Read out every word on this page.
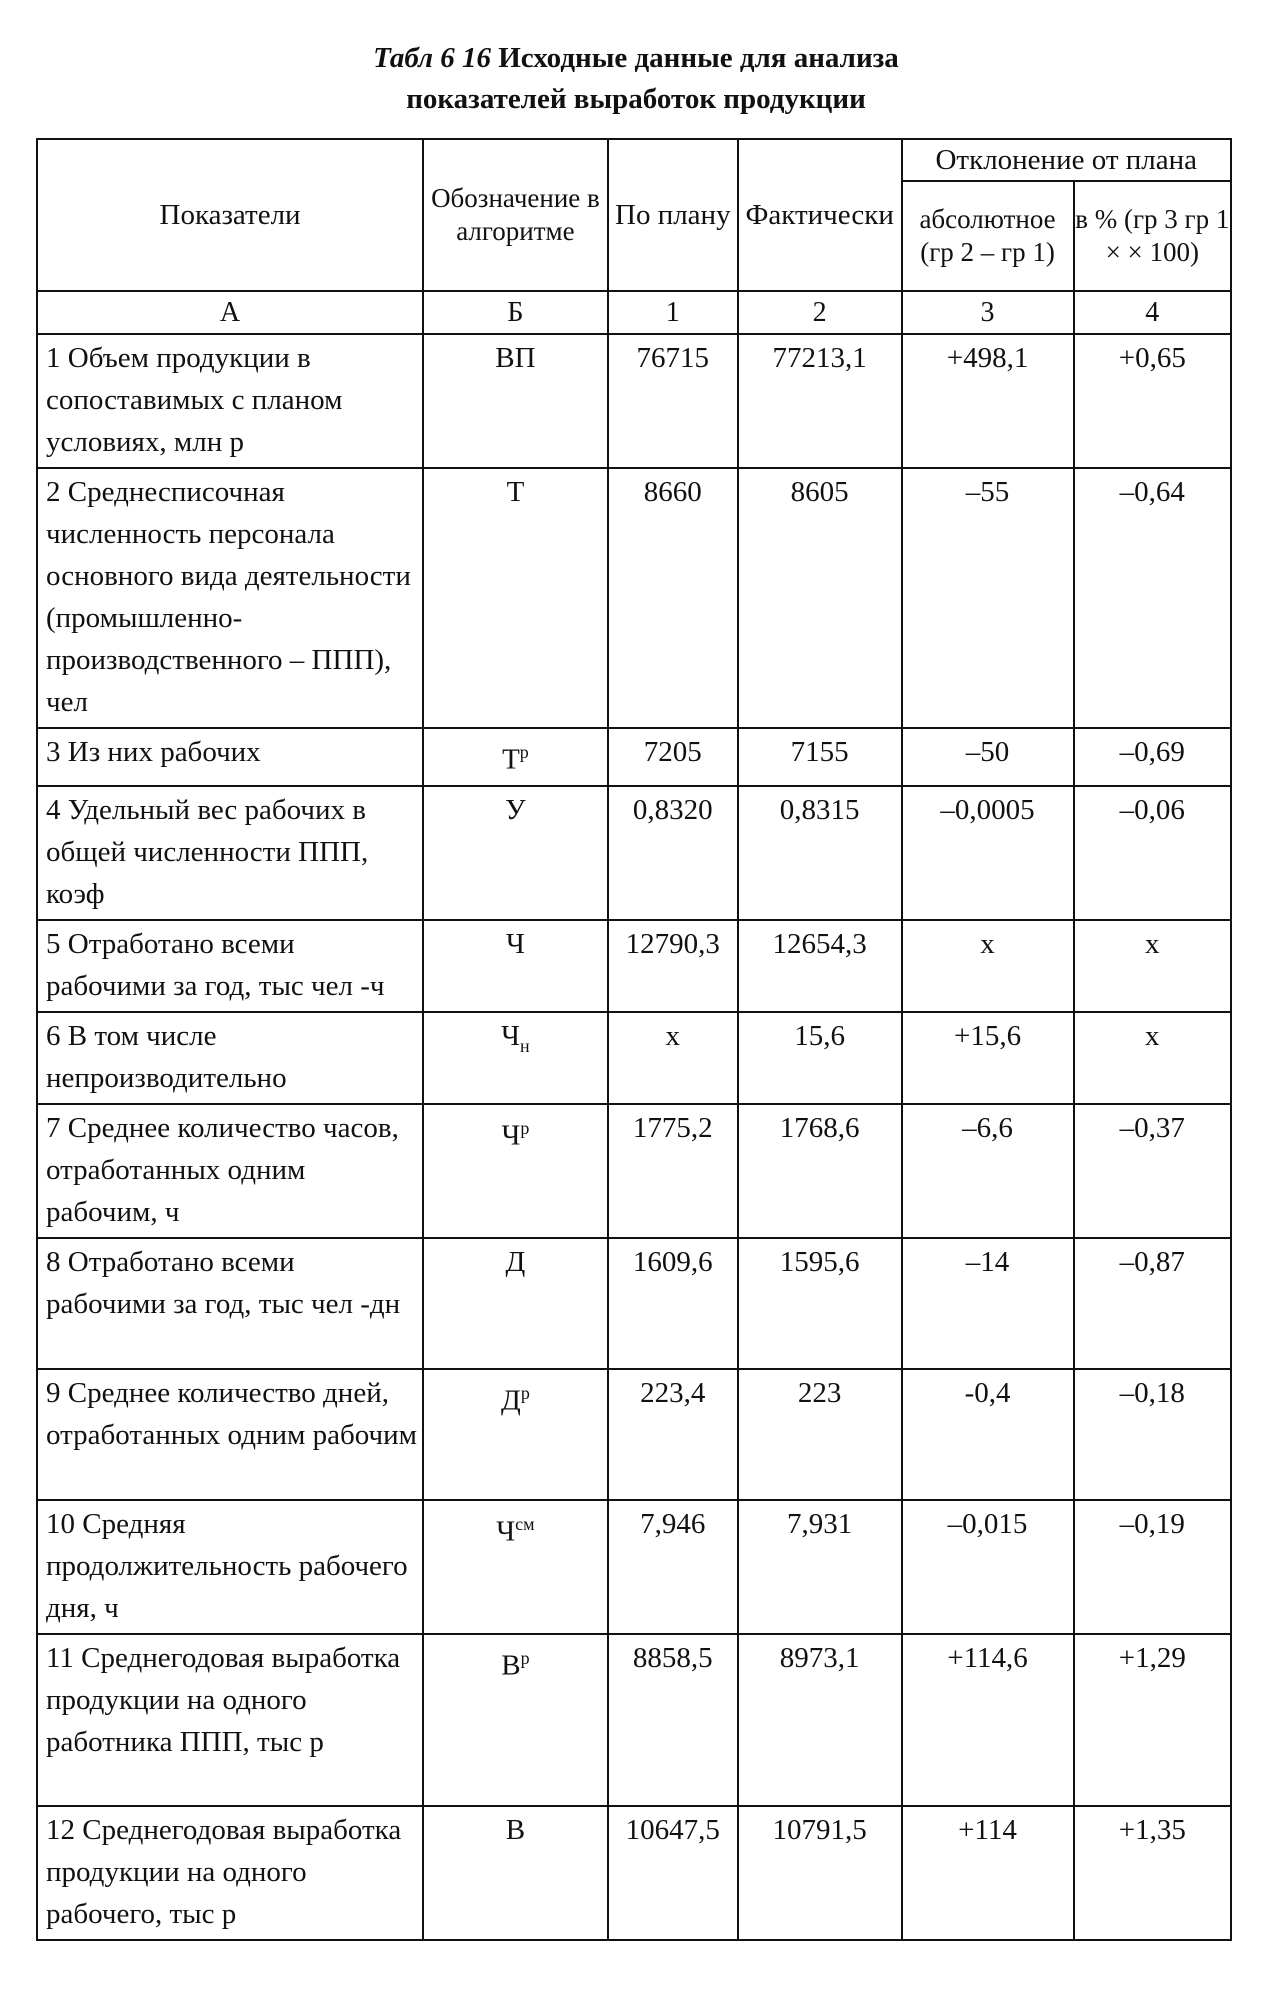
Табл 6 16 Исходные данные для анализа
показателей выработок продукции
Показатели	Обозначение в алгоритме	По плану	Фактически	Отклонение от плана	
				абсолютное (гр 2 – гр 1)	в % (гр 3 гр 1 × × 100)
А	Б	1	2	3	4
1 Объем продукции в сопоставимых с планом условиях, млн р	ВП	76715	77213,1	+498,1	+0,65
2 Среднесписочная численность персонала основного вида деятельности (промышленно-производственного – ППП), чел	Т	8660	8605	–55	–0,64
3 Из них рабочих	$Т^р$	7205	7155	–50	–0,69
4 Удельный вес рабочих в общей численности ППП, коэф	У	0,8320	0,8315	–0,0005	–0,06
5 Отработано всеми рабочими за год, тыс чел -ч	Ч	12790,3	12654,3	х	х
6 В том числе непроизводительно	$Ч_н$	х	15,6	+15,6	х
7 Среднее количество часов, отработанных одним рабочим, ч	$Ч^р$	1775,2	1768,6	–6,6	–0,37
8 Отработано всеми рабочими за год, тыс чел -дн	Д	1609,6	1595,6	–14	–0,87
9 Среднее количество дней, отработанных одним рабочим	$Д^р$	223,4	223	-0,4	–0,18
10 Средняя продолжительность рабочего дня, ч	$Ч^{см}$	7,946	7,931	–0,015	–0,19
11 Среднегодовая выработка продукции на одного работника ППП, тыс р	$В^р$	8858,5	8973,1	+114,6	+1,29
12 Среднегодовая выработка продукции на одного рабочего, тыс р	В	10647,5	10791,5	+114	+1,35
